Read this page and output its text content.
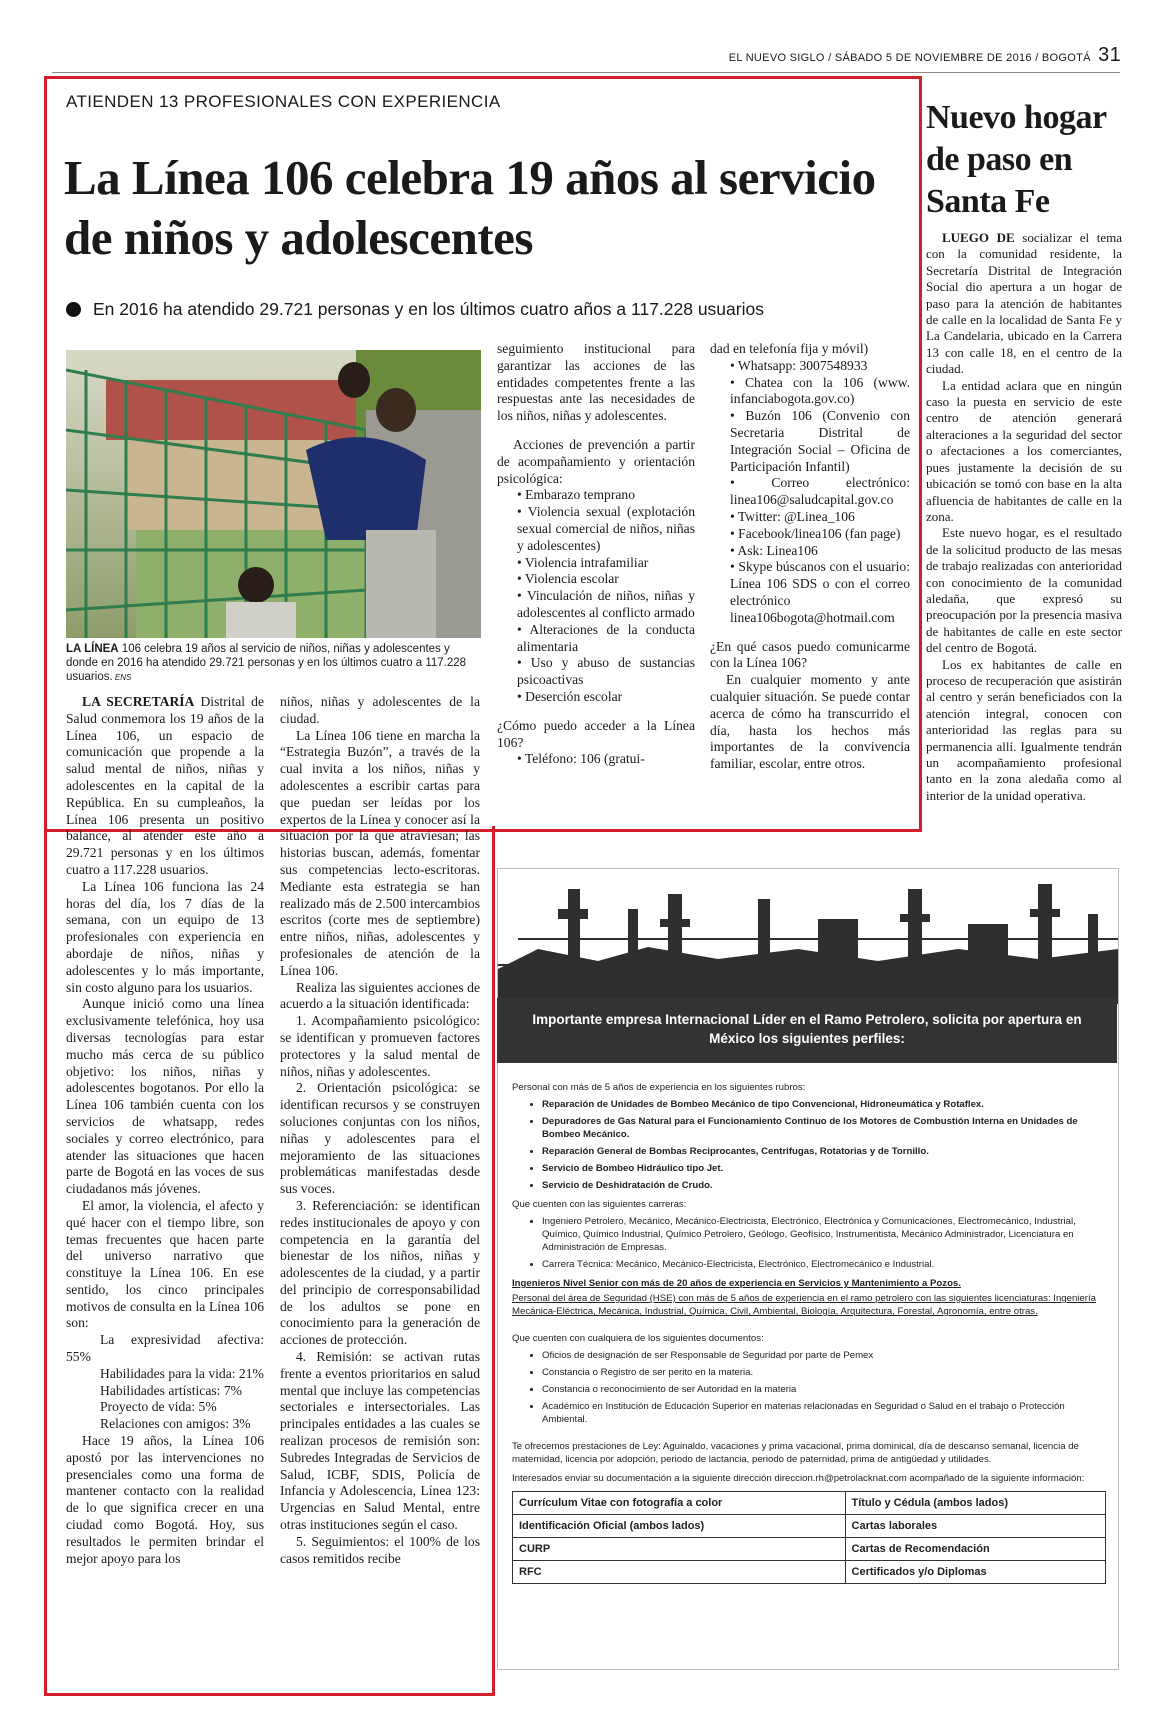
EL NUEVO SIGLO / SÁBADO 5 DE NOVIEMBRE DE 2016 / BOGOTÁ 31
ATIENDEN 13 PROFESIONALES CON EXPERIENCIA
La Línea 106 celebra 19 años al servicio de niños y adolescentes
En 2016 ha atendido 29.721 personas y en los últimos cuatro años a 117.228 usuarios
LA LÍNEA 106 celebra 19 años al servicio de niños, niñas y adolescentes y donde en 2016 ha atendido 29.721 personas y en los últimos cuatro a 117.228 usuarios. ENS

LA SECRETARÍA Distrital de Salud conmemora los 19 años de la Línea 106, un espacio de comunicación que propende a la salud mental de niños, niñas y adolescentes en la capital de la República. En su cumpleaños, la Línea 106 presenta un positivo balance, al atender este año a 29.721 personas y en los últimos cuatro a 117.228 usuarios.

La Línea 106 funciona las 24 horas del día, los 7 días de la semana, con un equipo de 13 profesionales con experiencia en abordaje de niños, niñas y adolescentes y lo más importante, sin costo alguno para los usuarios.

Aunque inició como una línea exclusivamente telefónica, hoy usa diversas tecnologías para estar mucho más cerca de su público objetivo: los niños, niñas y adolescentes bogotanos. Por ello la Línea 106 también cuenta con los servicios de whatsapp, redes sociales y correo electrónico, para atender las situaciones que hacen parte de Bogotá en las voces de sus ciudadanos más jóvenes.

El amor, la violencia, el afecto y qué hacer con el tiempo libre, son temas frecuentes que hacen parte del universo narrativo que constituye la Línea 106. En ese sentido, los cinco principales motivos de consulta en la Línea 106 son:

La expresividad afectiva: 55%

Habilidades para la vida: 21%

Habilidades artísticas: 7%

Proyecto de vida: 5%

Relaciones con amigos: 3%

Hace 19 años, la Línea 106 apostó por las intervenciones no presenciales como una forma de mantener contacto con la realidad de lo que significa crecer en una ciudad como Bogotá. Hoy, sus resultados le permiten brindar el mejor apoyo para los

niños, niñas y adolescentes de la ciudad.

La Línea 106 tiene en marcha la “Estrategia Buzón”, a través de la cual invita a los niños, niñas y adolescentes a escribir cartas para que puedan ser leídas por los expertos de la Línea y conocer así la situación por la que atraviesan; las historias buscan, además, fomentar sus competencias lecto-escritoras. Mediante esta estrategia se han realizado más de 2.500 intercambios escritos (corte mes de septiembre) entre niños, niñas, adolescentes y profesionales de atención de la Línea 106.

Realiza las siguientes acciones de acuerdo a la situación identificada:

1. Acompañamiento psicológico: se identifican y promueven factores protectores y la salud mental de niños, niñas y adolescentes.

2. Orientación psicológica: se identifican recursos y se construyen soluciones conjuntas con los niños, niñas y adolescentes para el mejoramiento de las situaciones problemáticas manifestadas desde sus voces.

3. Referenciación: se identifican redes institucionales de apoyo y con competencia en la garantía del bienestar de los niños, niñas y adolescentes de la ciudad, y a partir del principio de corresponsabilidad de los adultos se pone en conocimiento para la generación de acciones de protección.

4. Remisión: se activan rutas frente a eventos prioritarios en salud mental que incluye las competencias sectoriales e intersectoriales. Las principales entidades a las cuales se realizan procesos de remisión son: Subredes Integradas de Servicios de Salud, ICBF, SDIS, Policía de Infancia y Adolescencia, Línea 123: Urgencias en Salud Mental, entre otras instituciones según el caso.

5. Seguimientos: el 100% de los casos remitidos recibe

seguimiento institucional para garantizar las acciones de las entidades competentes frente a las respuestas ante las necesidades de los niños, niñas y adolescentes.

Acciones de prevención a partir de acompañamiento y orientación psicológica:

• Embarazo temprano

• Violencia sexual (explotación sexual comercial de niños, niñas y adolescentes)

• Violencia intrafamiliar

• Violencia escolar

• Vinculación de niños, niñas y adolescentes al conflicto armado

• Alteraciones de la conducta alimentaria

• Uso y abuso de sustancias psicoactivas

• Deserción escolar

¿Cómo puedo acceder a la Línea 106?

• Teléfono: 106 (gratui-

dad en telefonía fija y móvil)

• Whatsapp: 3007548933

• Chatea con la 106 (www. infanciabogota.gov.co)

• Buzón 106 (Convenio con Secretaria Distrital de Integración Social – Oficina de Participación Infantil)

• Correo electrónico: linea106@saludcapital.gov.co

• Twitter: @Linea_106

• Facebook/linea106 (fan page)

• Ask: Linea106

• Skype búscanos con el usuario: Línea 106 SDS o con el correo electrónico linea106bogota@hotmail.com

¿En qué casos puedo comunicarme con la Línea 106?

En cualquier momento y ante cualquier situación. Se puede contar acerca de cómo ha transcurrido el día, hasta los hechos más importantes de la convivencia familiar, escolar, entre otros.

Nuevo hogar de paso en Santa Fe

LUEGO DE socializar el tema con la comunidad residente, la Secretaría Distrital de Integración Social dio apertura a un hogar de paso para la atención de habitantes de calle en la localidad de Santa Fe y La Candelaria, ubicado en la Carrera 13 con calle 18, en el centro de la ciudad.

La entidad aclara que en ningún caso la puesta en servicio de este centro de atención generará alteraciones a la seguridad del sector o afectaciones a los comerciantes, pues justamente la decisión de su ubicación se tomó con base en la alta afluencia de habitantes de calle en la zona.

Este nuevo hogar, es el resultado de la solicitud producto de las mesas de trabajo realizadas con anterioridad con conocimiento de la comunidad aledaña, que expresó su preocupación por la presencia masiva de habitantes de calle en este sector del centro de Bogotá.

Los ex habitantes de calle en proceso de recuperación que asistirán al centro y serán beneficiados con la atención integral, conocen con anterioridad las reglas para su permanencia allí. Igualmente tendrán un acompañamiento profesional tanto en la zona aledaña como al interior de la unidad operativa.

Personal con más de 5 años de experiencia en los siguientes rubros:
• Reparación de Unidades de Bombeo Mecánico de tipo Convencional, Hidroneumática y Rotaflex.
• Depuradores de Gas Natural para el Funcionamiento Continuo de los Motores de Combustión Interna en Unidades de Bombeo Mecánico.
• Reparación General de Bombas Reciprocantes, Centrifugas, Rotatorias y de Tornillo.
• Servicio de Bombeo Hidráulico tipo Jet.
• Servicio de Deshidratación de Crudo.
Que cuenten con las siguientes carreras:
• Ingeniero Petrolero, Mecánico, Mecánico-Electricista, Electrónico, Electrónica y Comunicaciones, Electromecánico, Industrial, Químico, Químico Industrial, Químico Petrolero, Geólogo, Geofísico, Instrumentista, Mecánico Administrador, Licenciatura en Administración de Empresas.
• Carrera Técnica: Mecánico, Mecánico-Electricista, Electrónico, Electromecánico e Industrial.
Ingenieros Nivel Senior con más de 20 años de experiencia en Servicios y Mantenimiento a Pozos.
Personal del área de Seguridad (HSE) con más de 5 años de experiencia en el ramo petrolero con las siguientes licenciaturas: Ingeniería Mecánica-Eléctrica, Mecánica, Industrial, Química, Civil, Ambiental, Biología, Arquitectura, Forestal, Agronomía, entre otras.
Que cuenten con cualquiera de los siguientes documentos:
• Oficios de designación de ser Responsable de Seguridad por parte de Pemex
• Constancia o Registro de ser perito en la materia.
• Constancia o reconocimiento de ser Autoridad en la materia
• Académico en Institución de Educación Superior en materias relacionadas en Seguridad o Salud en el trabajo o Protección Ambiental.
Te ofrecemos prestaciones de Ley: Aguinaldo, vacaciones y prima vacacional, prima dominical, día de descanso semanal, licencia de maternidad, licencia por adopción, periodo de lactancia, periodo de paternidad, prima de antigüedad y utilidades.
Interesados enviar su documentación a la siguiente dirección direccion.rh@petrolacknat.com acompañado de la siguiente información:
Currículum Vitae con fotografía a color	Título y Cédula (ambos lados)
Identificación Oficial (ambos lados)	Cartas laborales
CURP	Cartas de Recomendación
RFC	Certificados y/o Diplomas
Importante empresa Internacional Líder en el Ramo Petrolero, solicita por apertura en México los siguientes perfiles:
